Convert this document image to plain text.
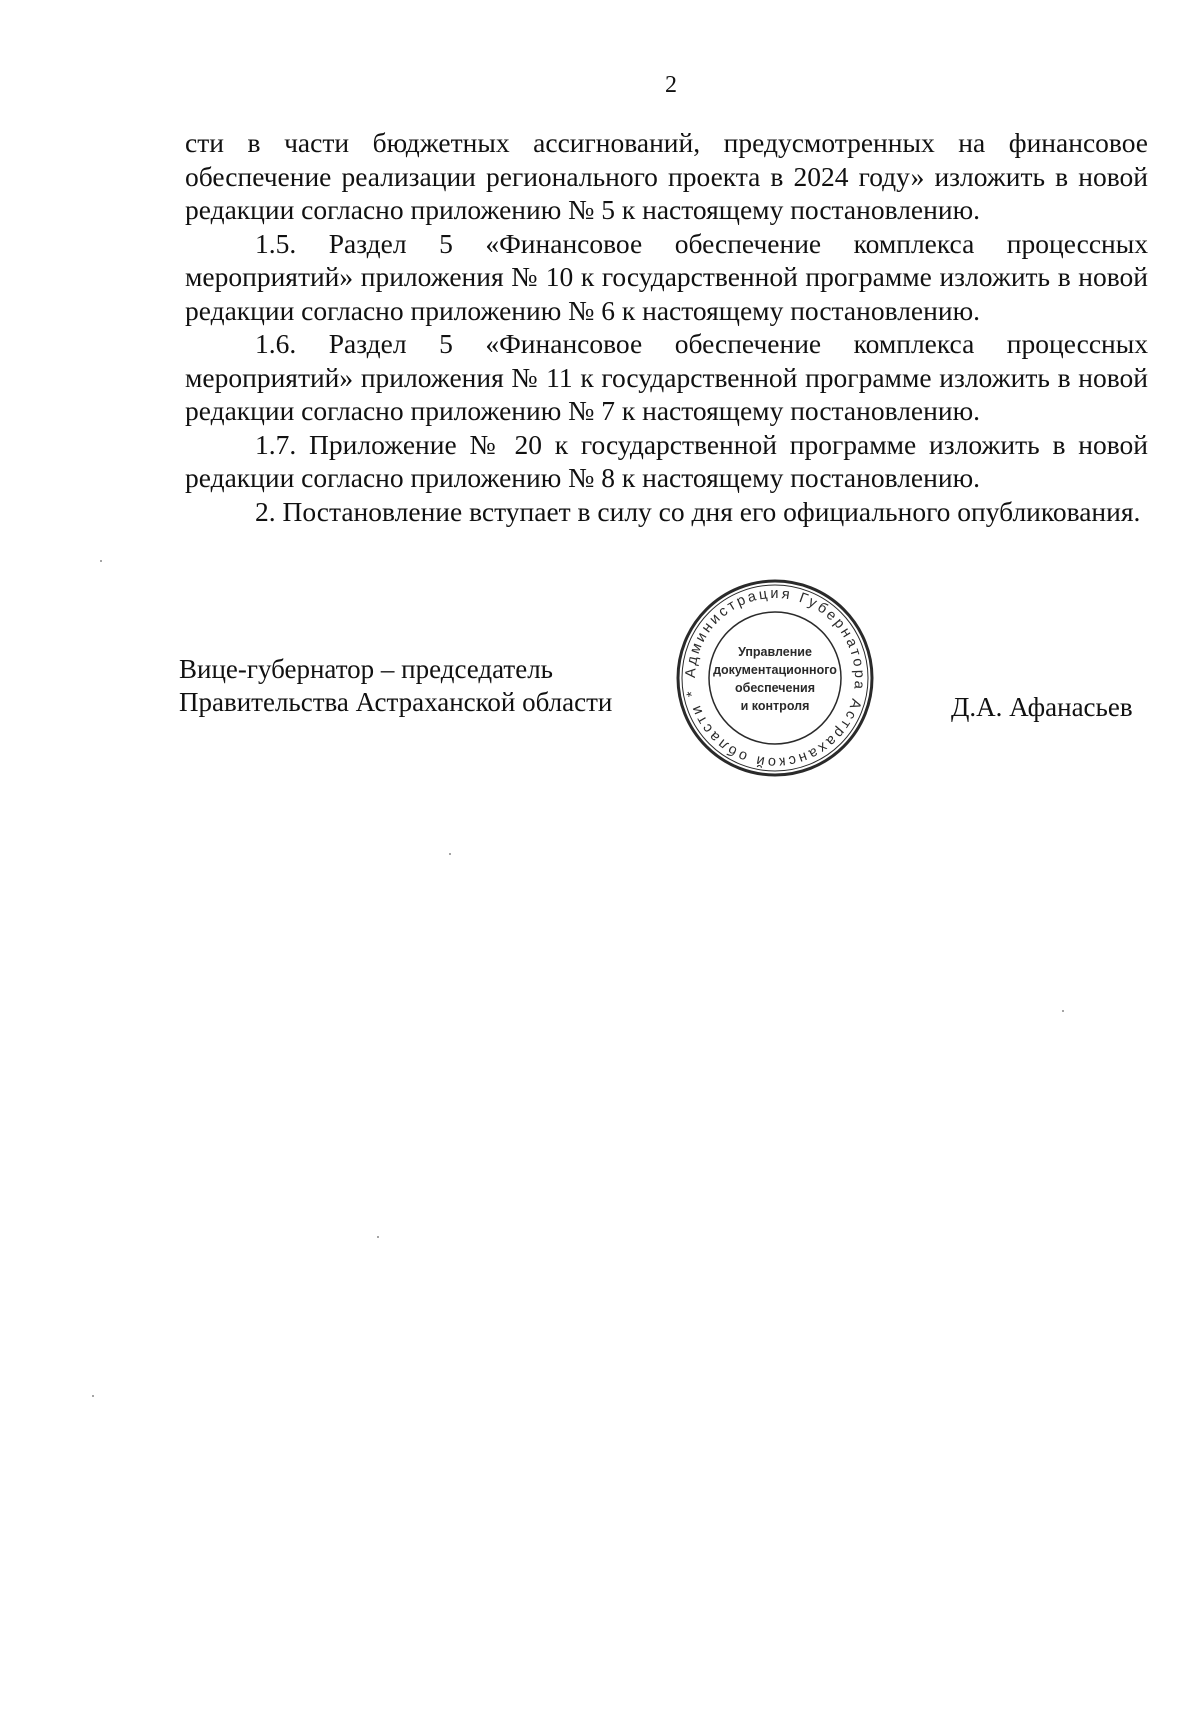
2

сти в части бюджетных ассигнований, предусмотренных на финансовое обеспечение реализации регионального проекта в 2024 году» изложить в новой редакции согласно приложению № 5 к настоящему постановлению.

1.5. Раздел 5 «Финансовое обеспечение комплекса процессных мероприятий» приложения № 10 к государственной программе изложить в новой редакции согласно приложению № 6 к настоящему постановлению.

1.6. Раздел 5 «Финансовое обеспечение комплекса процессных мероприятий» приложения № 11 к государственной программе изложить в новой редакции согласно приложению № 7 к настоящему постановлению.

1.7. Приложение № 20 к государственной программе изложить в новой редакции согласно приложению № 8 к настоящему постановлению.

2. Постановление вступает в силу со дня его официального опубликования.

Вице-губернатор – председатель
Правительства Астраханской области	Д.А. Афанасьев
Администрация Губернатора Астраханской области *
Управление
документационного
обеспечения
и контроля
